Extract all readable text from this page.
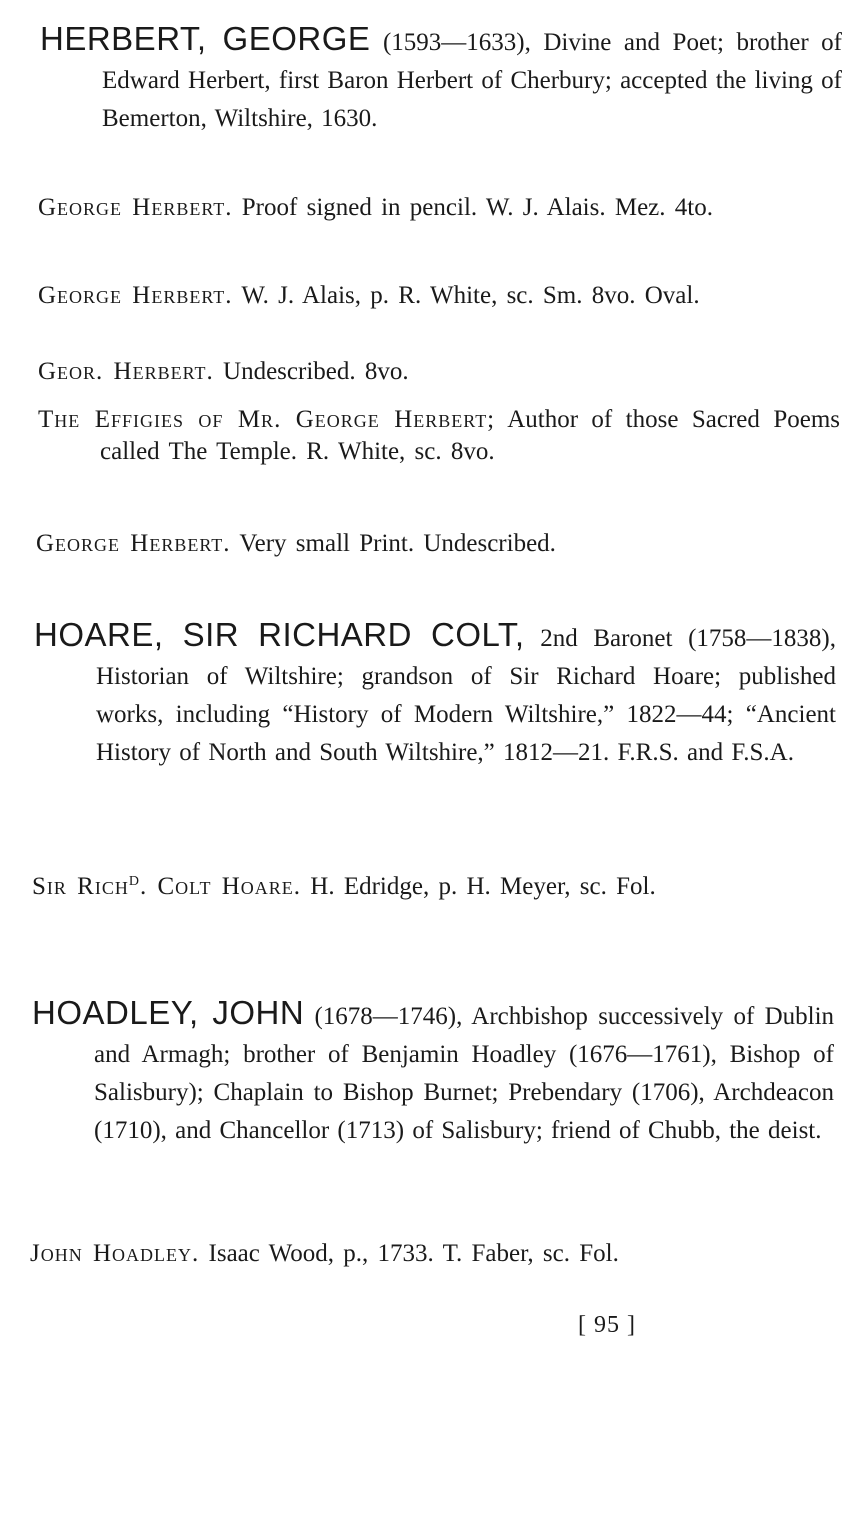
HERBERT, GEORGE (1593—1633), Divine and Poet; brother of Edward Herbert, first Baron Herbert of Cherbury; accepted the living of Bemerton, Wiltshire, 1630.
George Herbert. Proof signed in pencil. W. J. Alais. Mez. 4to.
George Herbert. W. J. Alais, p. R. White, sc. Sm. 8vo. Oval.
Geor. Herbert. Undescribed. 8vo.
The Effigies of Mr. George Herbert; Author of those Sacred Poems called The Temple. R. White, sc. 8vo.
George Herbert. Very small Print. Undescribed.
HOARE, SIR RICHARD COLT, 2nd Baronet (1758—1838), Historian of Wiltshire; grandson of Sir Richard Hoare; published works, including “History of Modern Wiltshire,” 1822—44; “Ancient History of North and South Wiltshire,” 1812—21. F.R.S. and F.S.A.
Sir Rich$^D$. Colt Hoare. H. Edridge, p. H. Meyer, sc. Fol.
HOADLEY, JOHN (1678—1746), Archbishop successively of Dublin and Armagh; brother of Benjamin Hoadley (1676—1761), Bishop of Salisbury); Chaplain to Bishop Burnet; Prebendary (1706), Archdeacon (1710), and Chancellor (1713) of Salisbury; friend of Chubb, the deist.
John Hoadley. Isaac Wood, p., 1733. T. Faber, sc. Fol.
[ 95 ]
